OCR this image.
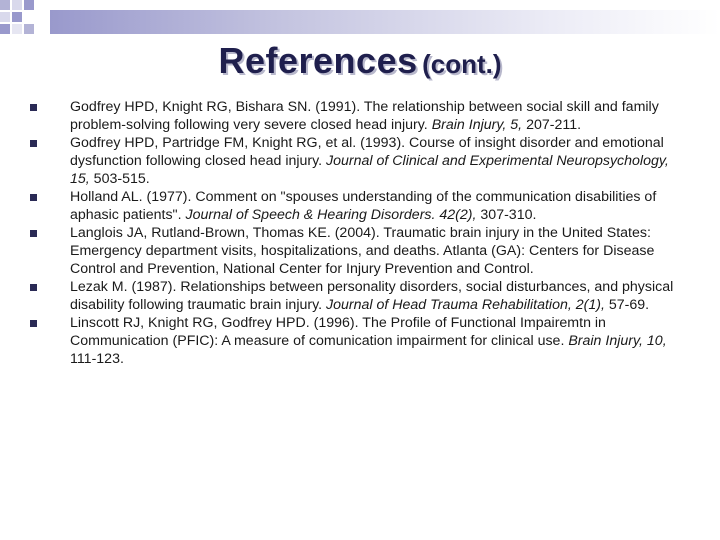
References (cont.)
Godfrey HPD, Knight RG, Bishara SN. (1991). The relationship between social skill and family problem-solving following very severe closed head injury. Brain Injury, 5, 207-211.
Godfrey HPD, Partridge FM, Knight RG, et al. (1993). Course of insight disorder and emotional dysfunction following closed head injury. Journal of Clinical and Experimental Neuropsychology, 15, 503-515.
Holland AL. (1977). Comment on "spouses understanding of the communication disabilities of aphasic patients". Journal of Speech & Hearing Disorders. 42(2), 307-310.
Langlois JA, Rutland-Brown, Thomas KE. (2004). Traumatic brain injury in the United States: Emergency department visits, hospitalizations, and deaths. Atlanta (GA): Centers for Disease Control and Prevention, National Center for Injury Prevention and Control.
Lezak M. (1987). Relationships between personality disorders, social disturbances, and physical disability following traumatic brain injury. Journal of Head Trauma Rehabilitation, 2(1), 57-69.
Linscott RJ, Knight RG, Godfrey HPD. (1996). The Profile of Functional Impairemtn in Communication (PFIC): A measure of comunication impairment for clinical use. Brain Injury, 10, 111-123.
